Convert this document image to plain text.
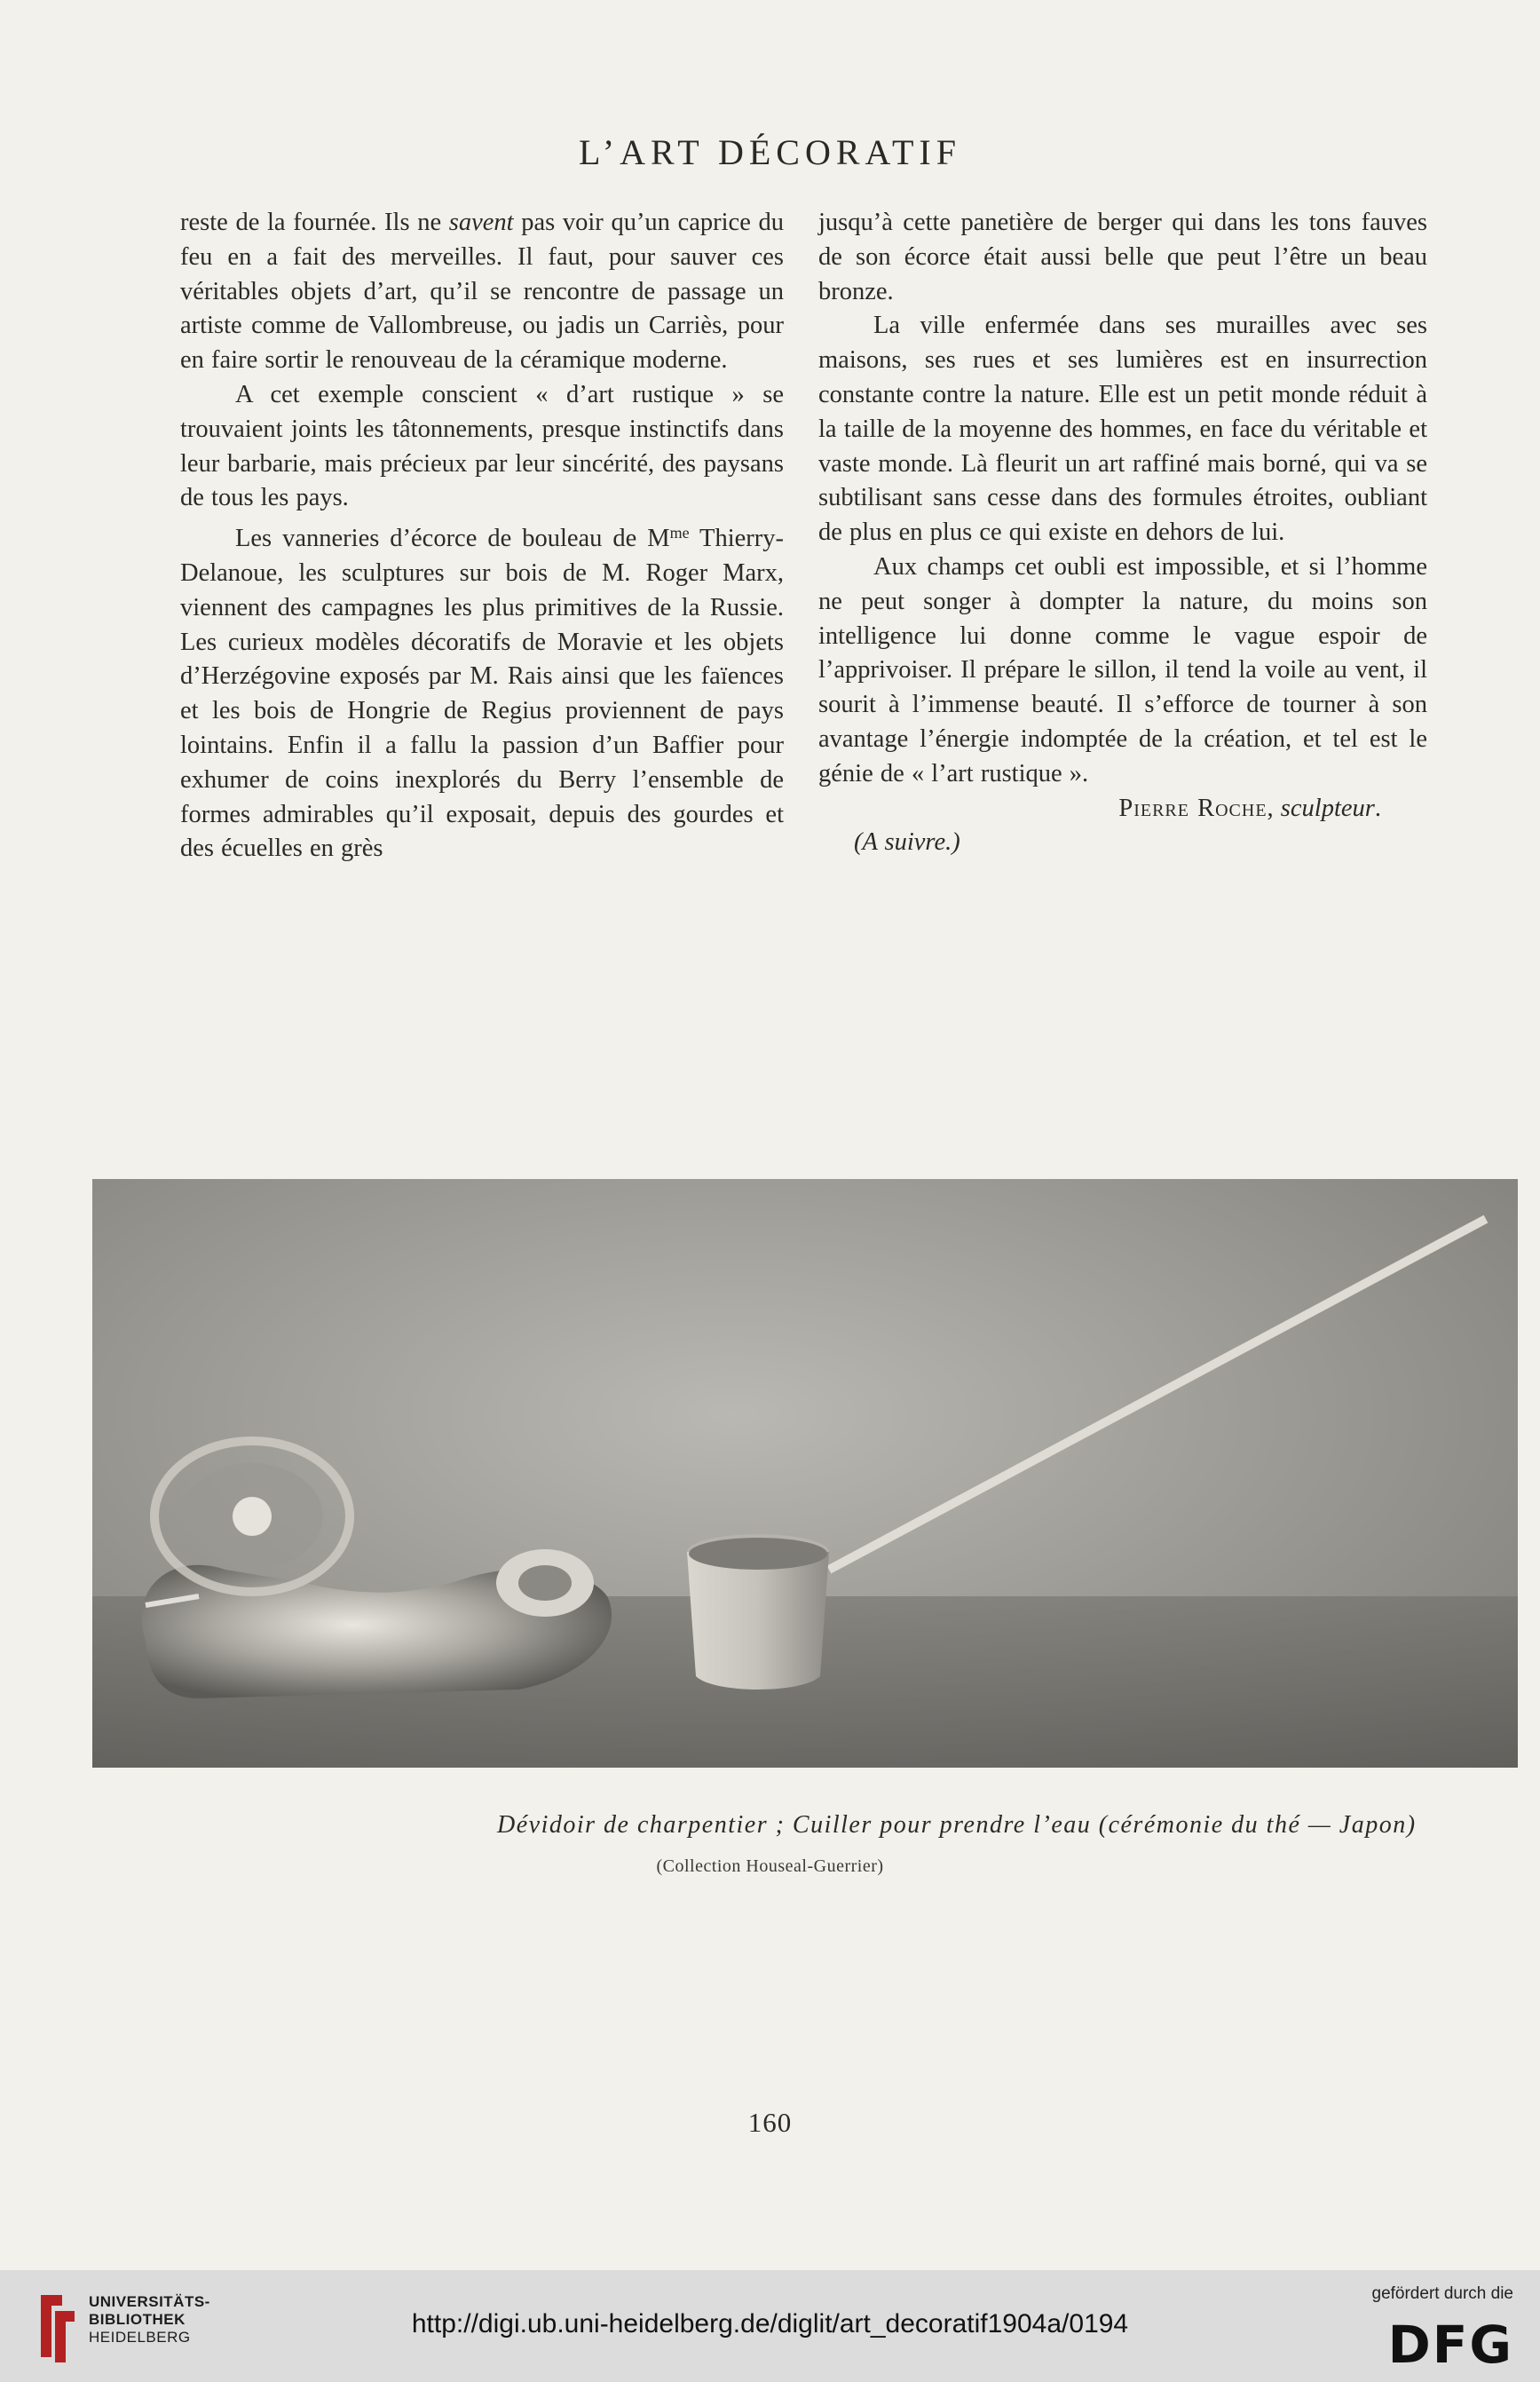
L’ART DÉCORATIF

reste de la fournée. Ils ne savent pas voir qu’un caprice du feu en a fait des merveilles. Il faut, pour sauver ces véritables objets d’art, qu’il se rencontre de passage un artiste comme de Vallombreuse, ou jadis un Carriès, pour en faire sortir le renouveau de la céramique moderne.

A cet exemple conscient « d’art rustique » se trouvaient joints les tâtonnements, presque instinctifs dans leur barbarie, mais précieux par leur sincérité, des paysans de tous les pays.

Les vanneries d’écorce de bouleau de $M^{me}$ Thierry-Delanoue, les sculptures sur bois de M. Roger Marx, viennent des campagnes les plus primitives de la Russie. Les curieux modèles décoratifs de Moravie et les objets d’Herzégovine exposés par M. Rais ainsi que les faïences et les bois de Hongrie de Regius proviennent de pays lointains. Enfin il a fallu la passion d’un Baffier pour exhumer de coins inexplorés du Berry l’ensemble de formes admirables qu’il exposait, depuis des gourdes et des écuelles en grès

jusqu’à cette panetière de berger qui dans les tons fauves de son écorce était aussi belle que peut l’être un beau bronze.

La ville enfermée dans ses murailles avec ses maisons, ses rues et ses lumières est en insurrection constante contre la nature. Elle est un petit monde réduit à la taille de la moyenne des hommes, en face du véritable et vaste monde. Là fleurit un art raffiné mais borné, qui va se subtilisant sans cesse dans des formules étroites, oubliant de plus en plus ce qui existe en dehors de lui.

Aux champs cet oubli est impossible, et si l’homme ne peut songer à dompter la nature, du moins son intelligence lui donne comme le vague espoir de l’apprivoiser. Il prépare le sillon, il tend la voile au vent, il sourit à l’immense beauté. Il s’efforce de tourner à son avantage l’énergie indomptée de la création, et tel est le génie de « l’art rustique ».

Pierre Roche, sculpteur.

(A suivre.)

Dévidoir de charpentier ; Cuiller pour prendre l’eau (cérémonie du thé — Japon)
(Collection Houseal-Guerrier)
160
UNIVERSITÄTS-
BIBLIOTHEK
HEIDELBERG	http://digi.ub.uni-heidelberg.de/diglit/art_decoratif1904a/0194
gefördert durch die
DFG
